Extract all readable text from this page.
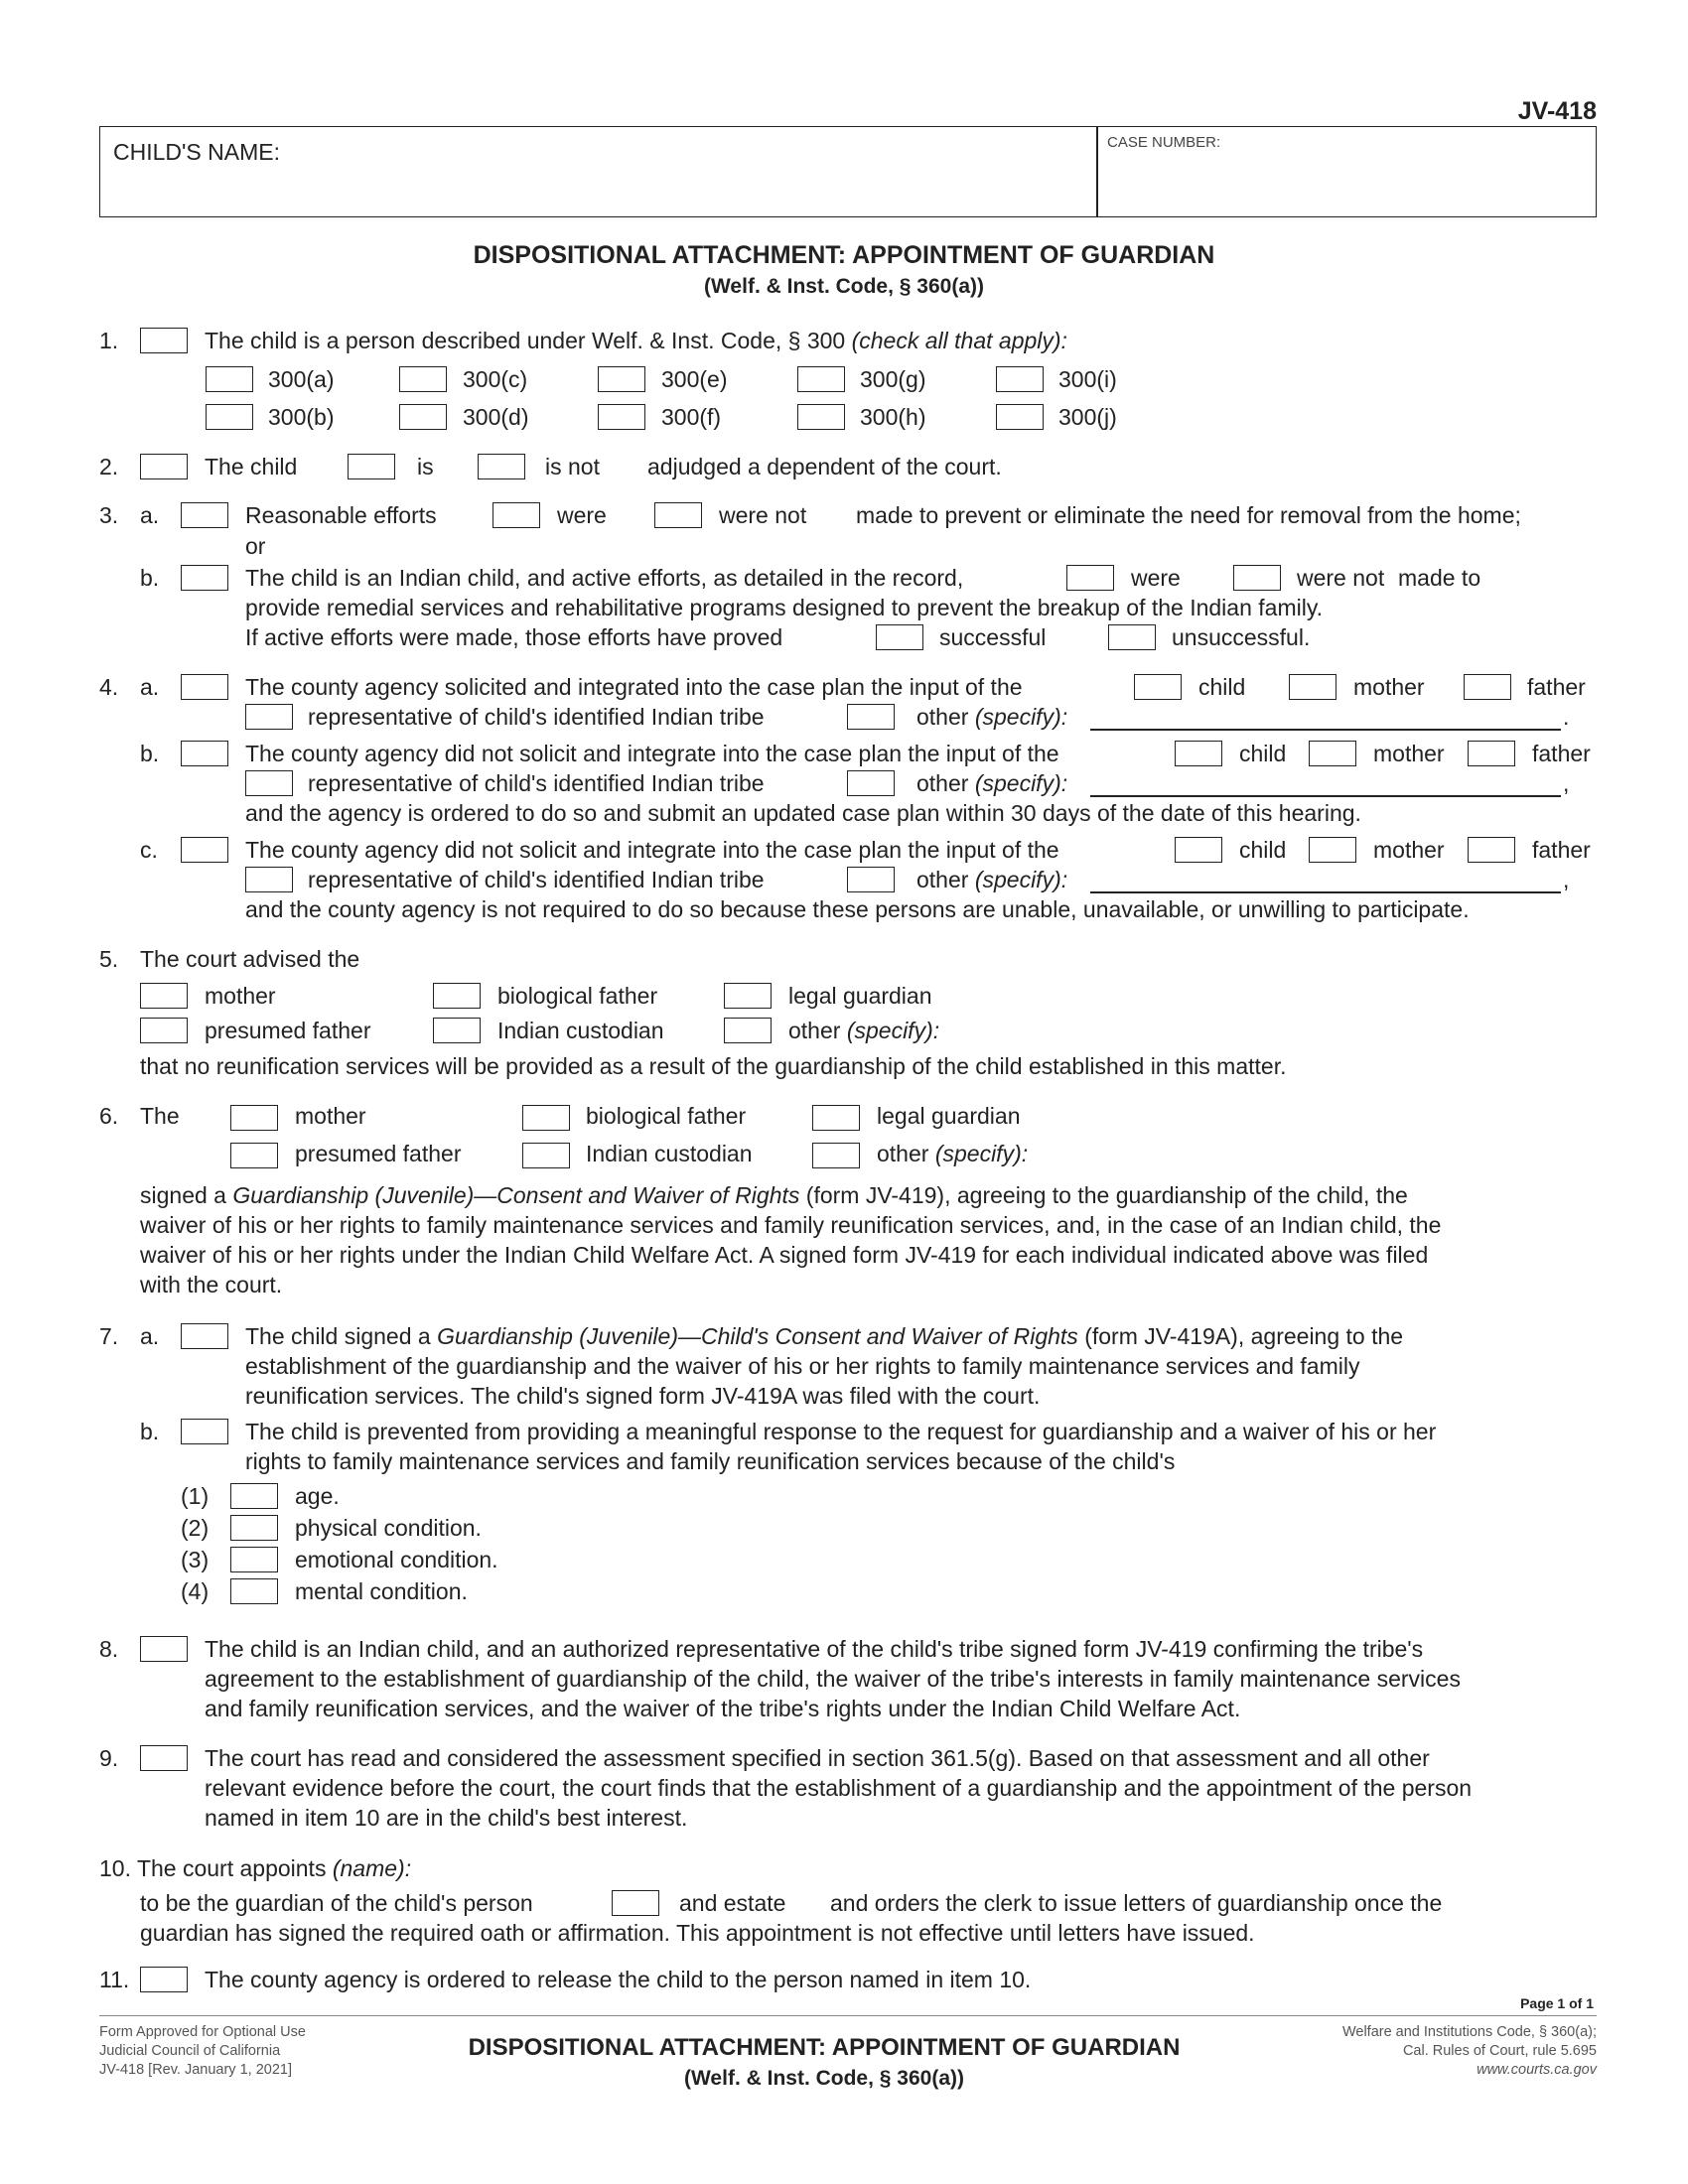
JV-418
CHILD'S NAME:	CASE NUMBER:
DISPOSITIONAL ATTACHMENT: APPOINTMENT OF GUARDIAN
(Welf. & Inst. Code, § 360(a))
1.	The child is a person described under Welf. & Inst. Code, § 300 (check all that apply):
300(a)	300(c)	300(e)	300(g)	300(i)
300(b)	300(d)	300(f)	300(h)	300(j)
2.	The child	is	is not adjudged a dependent of the court.
3. a.	Reasonable efforts	were	were not made to prevent or eliminate the need for removal from the home;
or
b.	The child is an Indian child, and active efforts, as detailed in the record,	were	were not made to
provide remedial services and rehabilitative programs designed to prevent the breakup of the Indian family.
If active efforts were made, those efforts have proved	successful	unsuccessful.
4. a.	The county agency solicited and integrated into the case plan the input of the	child	mother	father
representative of child's identified Indian tribe	other (specify):	.
b.	The county agency did not solicit and integrate into the case plan the input of the	child	mother	father
representative of child's identified Indian tribe	other (specify):	,
and the agency is ordered to do so and submit an updated case plan within 30 days of the date of this hearing.
c.	The county agency did not solicit and integrate into the case plan the input of the	child	mother	father
representative of child's identified Indian tribe	other (specify):	,
and the county agency is not required to do so because these persons are unable, unavailable, or unwilling to participate.
5. The court advised the
mother	biological father	legal guardian
presumed father	Indian custodian	other (specify):
that no reunification services will be provided as a result of the guardianship of the child established in this matter.
6. The	mother	biological father	legal guardian
presumed father	Indian custodian	other (specify):
signed a Guardianship (Juvenile)—Consent and Waiver of Rights (form JV-419), agreeing to the guardianship of the child, the
waiver of his or her rights to family maintenance services and family reunification services, and, in the case of an Indian child, the
waiver of his or her rights under the Indian Child Welfare Act. A signed form JV-419 for each individual indicated above was filed
with the court.
7. a.	The child signed a Guardianship (Juvenile)—Child's Consent and Waiver of Rights (form JV-419A), agreeing to the
establishment of the guardianship and the waiver of his or her rights to family maintenance services and family
reunification services. The child's signed form JV-419A was filed with the court.
b.	The child is prevented from providing a meaningful response to the request for guardianship and a waiver of his or her
rights to family maintenance services and family reunification services because of the child's
(1)	age.
(2)	physical condition.
(3)	emotional condition.
(4)	mental condition.
8.	The child is an Indian child, and an authorized representative of the child's tribe signed form JV-419 confirming the tribe's
agreement to the establishment of guardianship of the child, the waiver of the tribe's interests in family maintenance services
and family reunification services, and the waiver of the tribe's rights under the Indian Child Welfare Act.
9.	The court has read and considered the assessment specified in section 361.5(g). Based on that assessment and all other
relevant evidence before the court, the court finds that the establishment of a guardianship and the appointment of the person
named in item 10 are in the child's best interest.
10. The court appoints (name):
to be the guardian of the child's person	and estate and orders the clerk to issue letters of guardianship once the
guardian has signed the required oath or affirmation. This appointment is not effective until letters have issued.
11.	The county agency is ordered to release the child to the person named in item 10.
Page 1 of 1
Form Approved for Optional Use
Judicial Council of California
JV-418 [Rev. January 1, 2021]
DISPOSITIONAL ATTACHMENT: APPOINTMENT OF GUARDIAN
(Welf. & Inst. Code, § 360(a))
Welfare and Institutions Code, § 360(a);
Cal. Rules of Court, rule 5.695
www.courts.ca.gov
